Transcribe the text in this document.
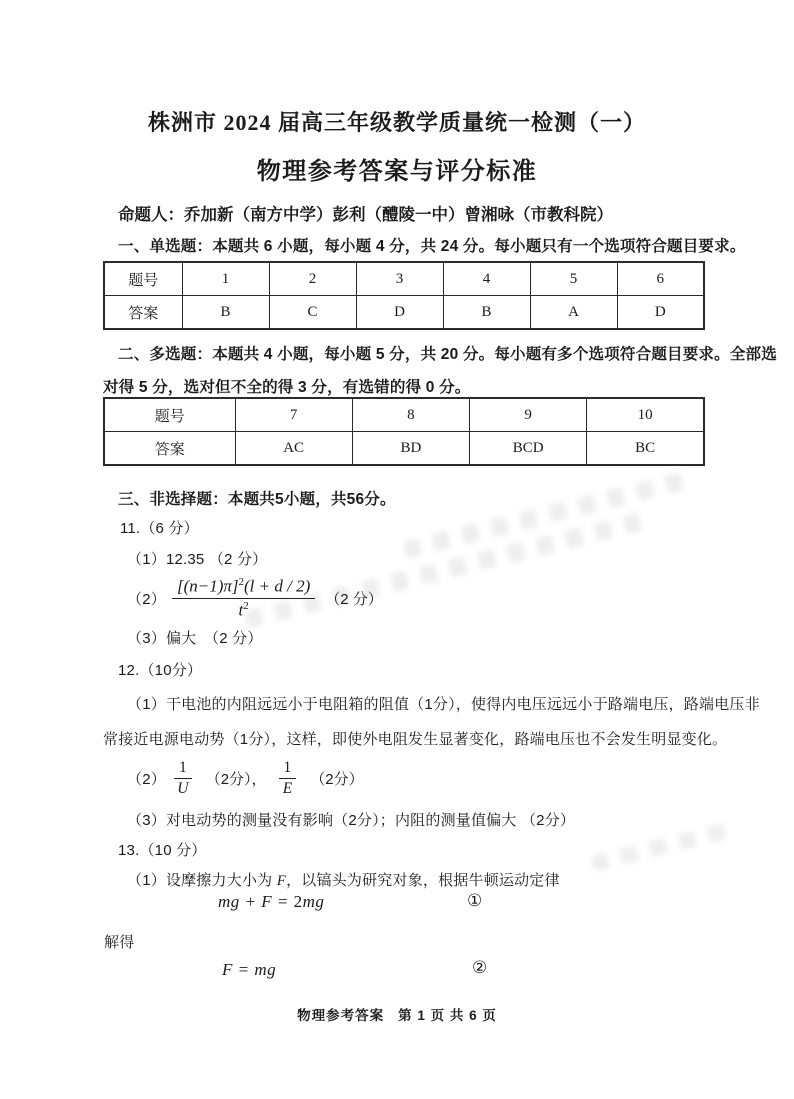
株洲市 2024 届高三年级教学质量统一检测（一）
物理参考答案与评分标准
命题人：乔加新（南方中学）彭利（醴陵一中）曾湘咏（市教科院）
一、单选题：本题共 6 小题，每小题 4 分，共 24 分。每小题只有一个选项符合题目要求。
题号	1	2	3	4	5	6
答案	B	C	D	B	A	D
二、多选题：本题共 4 小题，每小题 5 分，共 20 分。每小题有多个选项符合题目要求。全部选
对得 5 分，选对但不全的得 3 分，有选错的得 0 分。
题号	7	8	9	10
答案	AC	BD	BCD	BC
三、非选择题：本题共5小题，共56分。
11.（6 分）
（1）12.35 （2 分）
$(2) \frac{[(n-1)\pi]^2(l + d / 2)}{t^2} (2$ 分）
（3）偏大　（2 分）
12.（10分）
（1）干电池的内阻远远小于电阻箱的阻值（1分），使得内电压远远小于路端电压，路端电压非
常接近电源电动势（1分），这样，即使外电阻发生显著变化，路端电压也不会发生明显变化。
$(2) \frac{1}{U} (2$分）， $\frac{1}{E} (2$分）
（3）对电动势的测量没有影响（2分）；内阻的测量值偏大 （2分）
13.（10 分）
（1）设摩擦力大小为 F，以镐头为研究对象，根据牛顿运动定律
mg + F = 2mg	①
解得
F = mg	②
物理参考答案 第 1 页 共 6 页
